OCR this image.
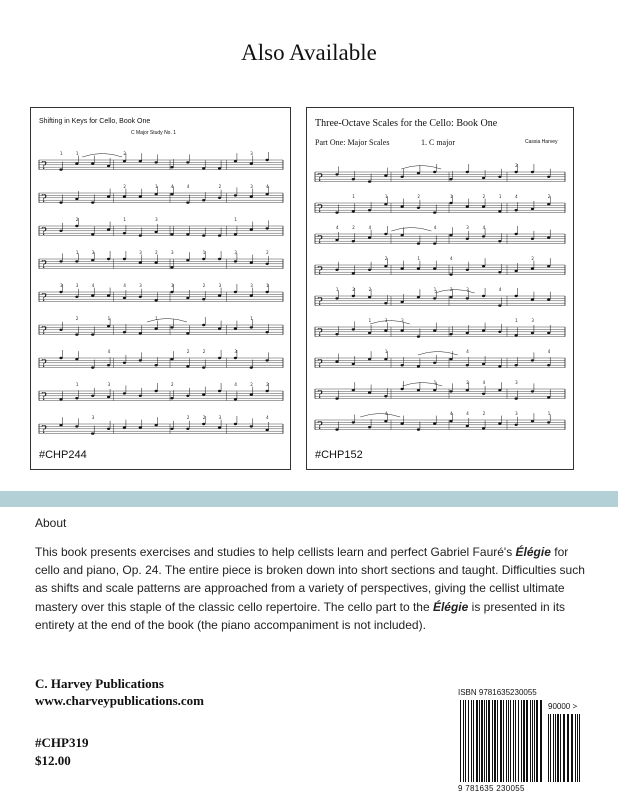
Also Available
?
1	1	2	3
?
2	1	4	4	2	3	4
?
2	1	3	1
?
1	3	3	2	3	1	3	2
?
3	3	4	4	3	3	2	3	3	1
?
2	1	1	1
?
4	2	2	3
?
1	3	2	4	2	2
?
3	2	2	3	4
Shifting in Keys for Cello, Book One
C Major Study No. 1
#CHP244
?
2
?
1	1	2	1	2	1	4	2
?
4	2	4	4	3	4
?
2	1	4	2
?
1	2	2	1	2	3	4
?
1	3	3	1	3
?
1	4	4
?
1	2	4	3
?
4	4	4	2	3	1
Three-Octave Scales for the Cello: Book One
Part One: Major Scales	1. C major	Cassia Harvey
#CHP152
About
This book presents exercises and studies to help cellists learn and perfect Gabriel Fauré's Élégie for cello and piano, Op. 24. The entire piece is broken down into short sections and taught. Difficulties such as shifts and scale patterns are approached from a variety of perspectives, giving the cellist ultimate mastery over this staple of the classic cello repertoire. The cello part to the Élégie is presented in its entirety at the end of the book (the piano accompaniment is not included).
C. Harvey Publications
www.charveypublications.com
#CHP319
$12.00
ISBN 9781635230055
90000 >
9 781635 230055
